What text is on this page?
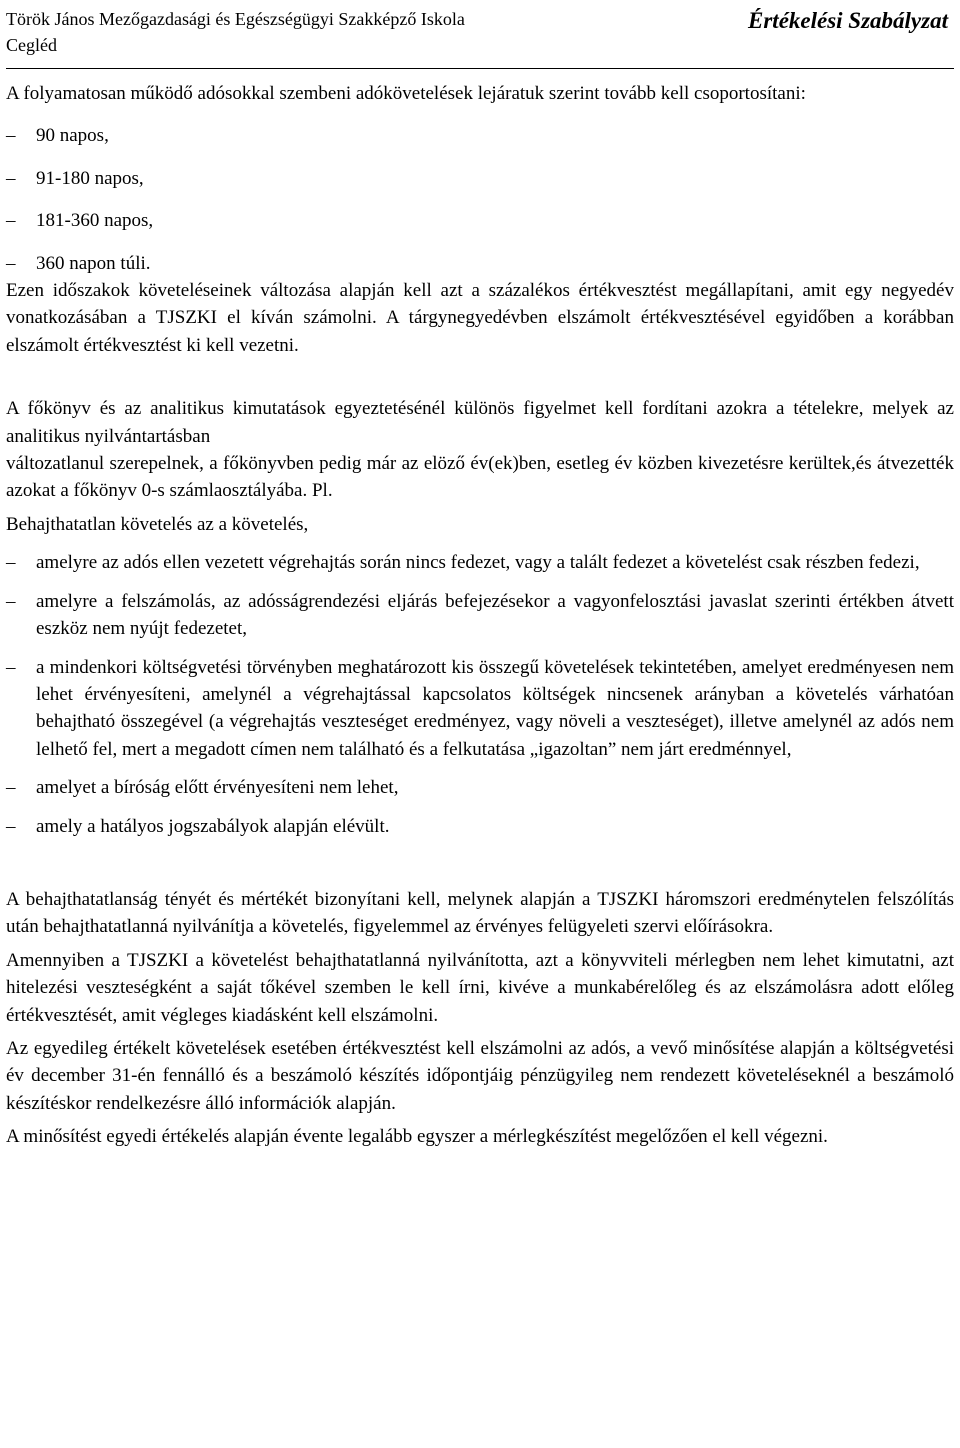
Török János Mezőgazdasági és Egészségügyi Szakképző Iskola
Cegléd
Értékelési Szabályzat

A folyamatosan működő adósokkal szembeni adókövetelések lejáratuk szerint tovább kell csoportosítani:

– 90 napos,
– 91-180 napos,
– 181-360 napos,
– 360 napon túli.

Ezen időszakok követeléseinek változása alapján kell azt a százalékos értékvesztést megállapítani, amit egy negyedév vonatkozásában a TJSZKI el kíván számolni. A tárgynegyedévben elszámolt értékvesztésével egyidőben a korábban elszámolt értékvesztést ki kell vezetni.

A főkönyv és az analitikus kimutatások egyeztetésénél különös figyelmet kell fordítani azokra a tételekre, melyek az analitikus nyilvántartásban

változatlanul szerepelnek, a főkönyvben pedig már az elöző év(ek)ben, esetleg év közben kivezetésre kerültek,és átvezették azokat a főkönyv 0-s számlaosztályába. Pl.

Behajthatatlan követelés az a követelés,

– amelyre az adós ellen vezetett végrehajtás során nincs fedezet, vagy a talált fedezet a követelést csak részben fedezi,
– amelyre a felszámolás, az adósságrendezési eljárás befejezésekor a vagyonfelosztási javaslat szerinti értékben átvett eszköz nem nyújt fedezetet,
– a mindenkori költségvetési törvényben meghatározott kis összegű követelések tekintetében, amelyet eredményesen nem lehet érvényesíteni, amelynél a végrehajtással kapcsolatos költségek nincsenek arányban a követelés várhatóan behajtható összegével (a végrehajtás veszteséget eredményez, vagy növeli a veszteséget), illetve amelynél az adós nem lelhető fel, mert a megadott címen nem található és a felkutatása „igazoltan” nem járt eredménnyel,
– amelyet a bíróság előtt érvényesíteni nem lehet,
– amely a hatályos jogszabályok alapján elévült.

A behajthatatlanság tényét és mértékét bizonyítani kell, melynek alapján a TJSZKI háromszori eredménytelen felszólítás után behajthatatlanná nyilvánítja a követelés, figyelemmel az érvényes felügyeleti szervi előírásokra.

Amennyiben a TJSZKI a követelést behajthatatlanná nyilvánította, azt a könyvviteli mérlegben nem lehet kimutatni, azt hitelezési veszteségként a saját tőkével szemben le kell írni, kivéve a munkabérelőleg és az elszámolásra adott előleg értékvesztését, amit végleges kiadásként kell elszámolni.

Az egyedileg értékelt követelések esetében értékvesztést kell elszámolni az adós, a vevő minősítése alapján a költségvetési év december 31-én fennálló és a beszámoló készítés időpontjáig pénzügyileg nem rendezett követeléseknél a beszámoló készítéskor rendelkezésre álló információk alapján.

A minősítést egyedi értékelés alapján évente legalább egyszer a mérlegkészítést megelőzően el kell végezni.
